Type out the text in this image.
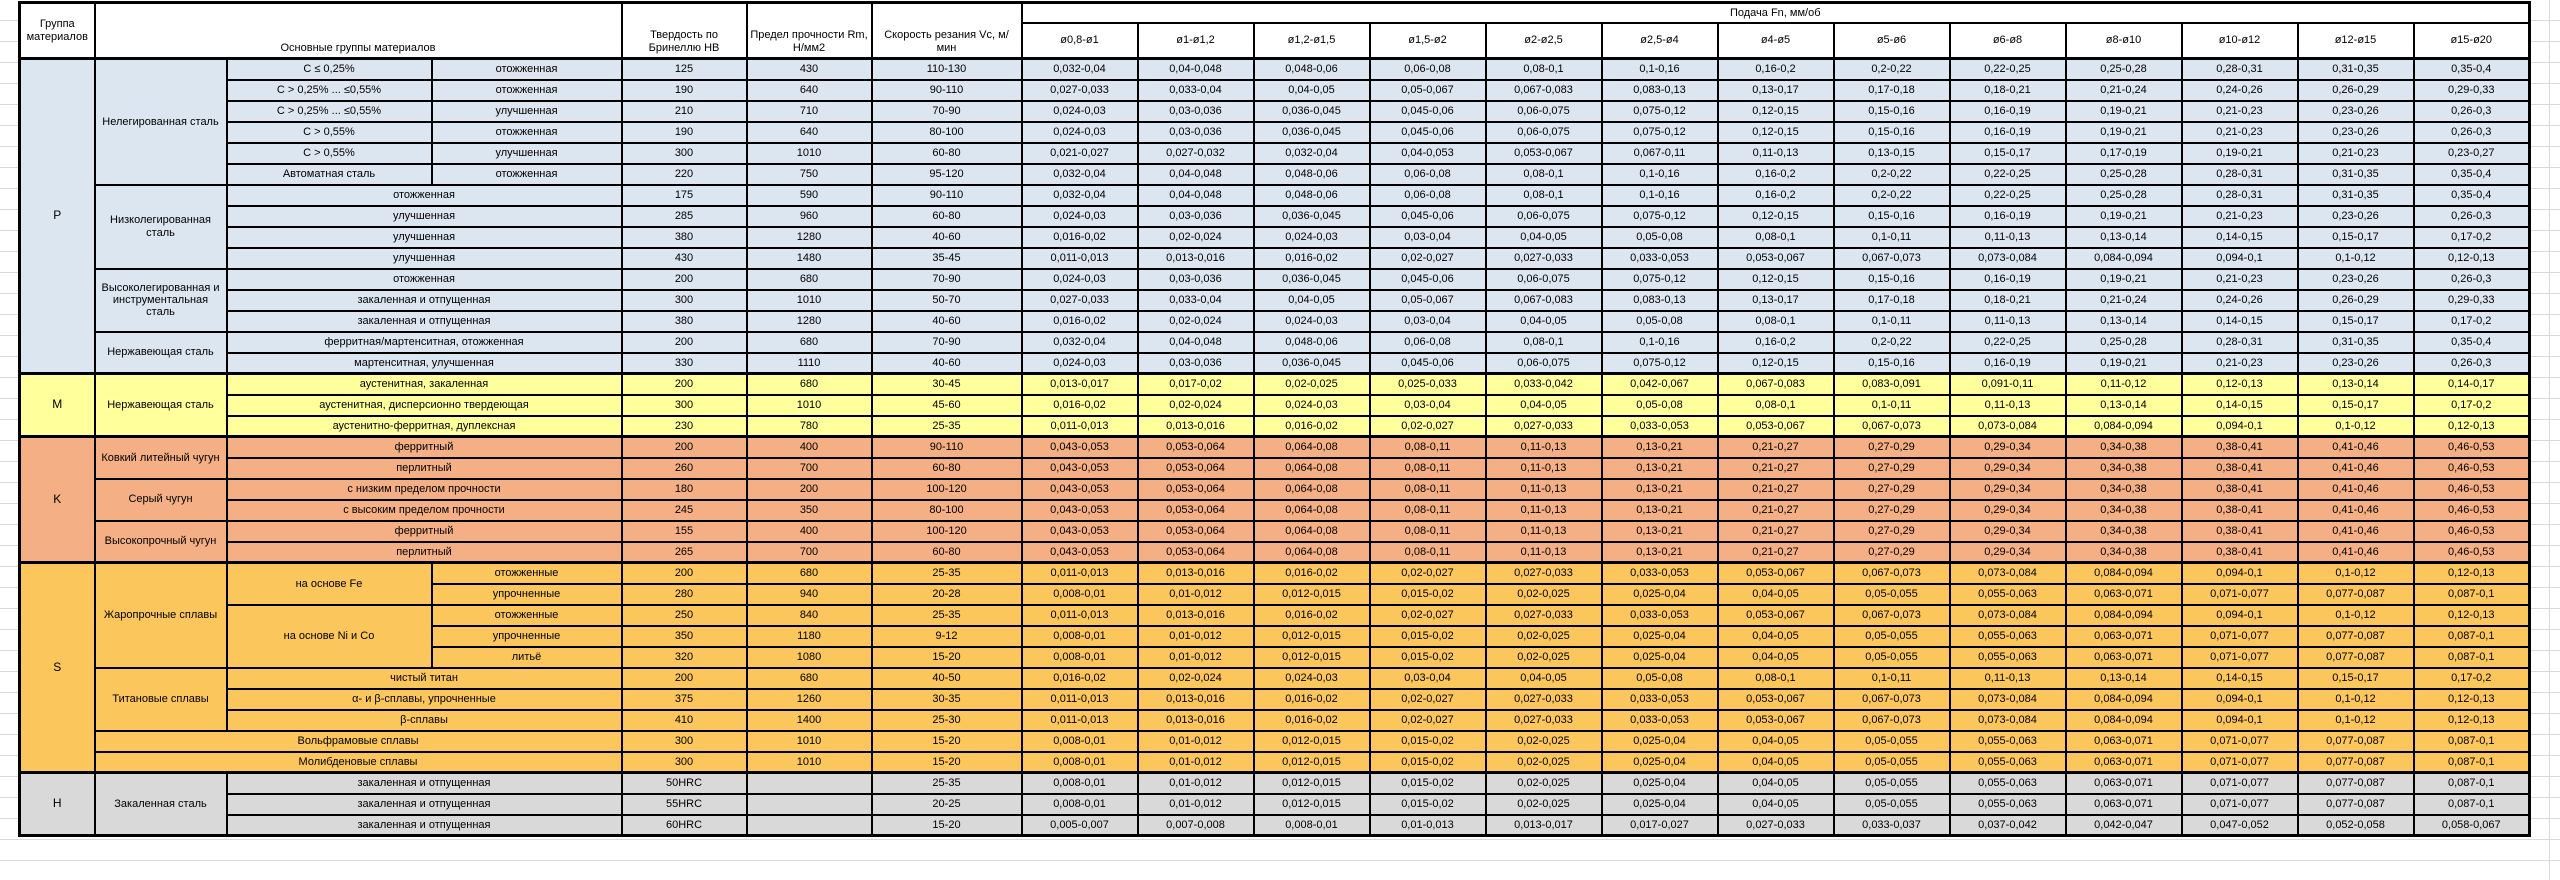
Группа материалов	Основные группы материалов			Твердость по Бринеллю HB	Предел прочности Rm, Н/мм2	Скорость резания Vc, м/мин	Подача Fn, мм/об												
							ø0,8-ø1	ø1-ø1,2	ø1,2-ø1,5	ø1,5-ø2	ø2-ø2,5	ø2,5-ø4	ø4-ø5	ø5-ø6	ø6-ø8	ø8-ø10	ø10-ø12	ø12-ø15	ø15-ø20
P	Нелегированная сталь	C ≤ 0,25%	отожженная	125	430	110-130	0,032-0,04	0,04-0,048	0,048-0,06	0,06-0,08	0,08-0,1	0,1-0,16	0,16-0,2	0,2-0,22	0,22-0,25	0,25-0,28	0,28-0,31	0,31-0,35	0,35-0,4
		C > 0,25% ... ≤0,55%	отожженная	190	640	90-110	0,027-0,033	0,033-0,04	0,04-0,05	0,05-0,067	0,067-0,083	0,083-0,13	0,13-0,17	0,17-0,18	0,18-0,21	0,21-0,24	0,24-0,26	0,26-0,29	0,29-0,33
		C > 0,25% ... ≤0,55%	улучшенная	210	710	70-90	0,024-0,03	0,03-0,036	0,036-0,045	0,045-0,06	0,06-0,075	0,075-0,12	0,12-0,15	0,15-0,16	0,16-0,19	0,19-0,21	0,21-0,23	0,23-0,26	0,26-0,3
		C > 0,55%	отожженная	190	640	80-100	0,024-0,03	0,03-0,036	0,036-0,045	0,045-0,06	0,06-0,075	0,075-0,12	0,12-0,15	0,15-0,16	0,16-0,19	0,19-0,21	0,21-0,23	0,23-0,26	0,26-0,3
		C > 0,55%	улучшенная	300	1010	60-80	0,021-0,027	0,027-0,032	0,032-0,04	0,04-0,053	0,053-0,067	0,067-0,11	0,11-0,13	0,13-0,15	0,15-0,17	0,17-0,19	0,19-0,21	0,21-0,23	0,23-0,27
		Автоматная сталь	отожженная	220	750	95-120	0,032-0,04	0,04-0,048	0,048-0,06	0,06-0,08	0,08-0,1	0,1-0,16	0,16-0,2	0,2-0,22	0,22-0,25	0,25-0,28	0,28-0,31	0,31-0,35	0,35-0,4
	Низколегированная сталь	отожженная		175	590	90-110	0,032-0,04	0,04-0,048	0,048-0,06	0,06-0,08	0,08-0,1	0,1-0,16	0,16-0,2	0,2-0,22	0,22-0,25	0,25-0,28	0,28-0,31	0,31-0,35	0,35-0,4
		улучшенная		285	960	60-80	0,024-0,03	0,03-0,036	0,036-0,045	0,045-0,06	0,06-0,075	0,075-0,12	0,12-0,15	0,15-0,16	0,16-0,19	0,19-0,21	0,21-0,23	0,23-0,26	0,26-0,3
		улучшенная		380	1280	40-60	0,016-0,02	0,02-0,024	0,024-0,03	0,03-0,04	0,04-0,05	0,05-0,08	0,08-0,1	0,1-0,11	0,11-0,13	0,13-0,14	0,14-0,15	0,15-0,17	0,17-0,2
		улучшенная		430	1480	35-45	0,011-0,013	0,013-0,016	0,016-0,02	0,02-0,027	0,027-0,033	0,033-0,053	0,053-0,067	0,067-0,073	0,073-0,084	0,084-0,094	0,094-0,1	0,1-0,12	0,12-0,13
	Высоколегированная и инструментальная сталь	отожженная		200	680	70-90	0,024-0,03	0,03-0,036	0,036-0,045	0,045-0,06	0,06-0,075	0,075-0,12	0,12-0,15	0,15-0,16	0,16-0,19	0,19-0,21	0,21-0,23	0,23-0,26	0,26-0,3
		закаленная и отпущенная		300	1010	50-70	0,027-0,033	0,033-0,04	0,04-0,05	0,05-0,067	0,067-0,083	0,083-0,13	0,13-0,17	0,17-0,18	0,18-0,21	0,21-0,24	0,24-0,26	0,26-0,29	0,29-0,33
		закаленная и отпущенная		380	1280	40-60	0,016-0,02	0,02-0,024	0,024-0,03	0,03-0,04	0,04-0,05	0,05-0,08	0,08-0,1	0,1-0,11	0,11-0,13	0,13-0,14	0,14-0,15	0,15-0,17	0,17-0,2
	Нержавеющая сталь	ферритная/мартенситная, отожженная		200	680	70-90	0,032-0,04	0,04-0,048	0,048-0,06	0,06-0,08	0,08-0,1	0,1-0,16	0,16-0,2	0,2-0,22	0,22-0,25	0,25-0,28	0,28-0,31	0,31-0,35	0,35-0,4
		мартенситная, улучшенная		330	1110	40-60	0,024-0,03	0,03-0,036	0,036-0,045	0,045-0,06	0,06-0,075	0,075-0,12	0,12-0,15	0,15-0,16	0,16-0,19	0,19-0,21	0,21-0,23	0,23-0,26	0,26-0,3
M	Нержавеющая сталь	аустенитная, закаленная		200	680	30-45	0,013-0,017	0,017-0,02	0,02-0,025	0,025-0,033	0,033-0,042	0,042-0,067	0,067-0,083	0,083-0,091	0,091-0,11	0,11-0,12	0,12-0,13	0,13-0,14	0,14-0,17
		аустенитная, дисперсионно твердеющая		300	1010	45-60	0,016-0,02	0,02-0,024	0,024-0,03	0,03-0,04	0,04-0,05	0,05-0,08	0,08-0,1	0,1-0,11	0,11-0,13	0,13-0,14	0,14-0,15	0,15-0,17	0,17-0,2
		аустенитно-ферритная, дуплексная		230	780	25-35	0,011-0,013	0,013-0,016	0,016-0,02	0,02-0,027	0,027-0,033	0,033-0,053	0,053-0,067	0,067-0,073	0,073-0,084	0,084-0,094	0,094-0,1	0,1-0,12	0,12-0,13
K	Ковкий литейный чугун	ферритный		200	400	90-110	0,043-0,053	0,053-0,064	0,064-0,08	0,08-0,11	0,11-0,13	0,13-0,21	0,21-0,27	0,27-0,29	0,29-0,34	0,34-0,38	0,38-0,41	0,41-0,46	0,46-0,53
		перлитный		260	700	60-80	0,043-0,053	0,053-0,064	0,064-0,08	0,08-0,11	0,11-0,13	0,13-0,21	0,21-0,27	0,27-0,29	0,29-0,34	0,34-0,38	0,38-0,41	0,41-0,46	0,46-0,53
	Серый чугун	с низким пределом прочности		180	200	100-120	0,043-0,053	0,053-0,064	0,064-0,08	0,08-0,11	0,11-0,13	0,13-0,21	0,21-0,27	0,27-0,29	0,29-0,34	0,34-0,38	0,38-0,41	0,41-0,46	0,46-0,53
		с высоким пределом прочности		245	350	80-100	0,043-0,053	0,053-0,064	0,064-0,08	0,08-0,11	0,11-0,13	0,13-0,21	0,21-0,27	0,27-0,29	0,29-0,34	0,34-0,38	0,38-0,41	0,41-0,46	0,46-0,53
	Высокопрочный чугун	ферритный		155	400	100-120	0,043-0,053	0,053-0,064	0,064-0,08	0,08-0,11	0,11-0,13	0,13-0,21	0,21-0,27	0,27-0,29	0,29-0,34	0,34-0,38	0,38-0,41	0,41-0,46	0,46-0,53
		перлитный		265	700	60-80	0,043-0,053	0,053-0,064	0,064-0,08	0,08-0,11	0,11-0,13	0,13-0,21	0,21-0,27	0,27-0,29	0,29-0,34	0,34-0,38	0,38-0,41	0,41-0,46	0,46-0,53
S	Жаропрочные сплавы	на основе Fe	отожженные	200	680	25-35	0,011-0,013	0,013-0,016	0,016-0,02	0,02-0,027	0,027-0,033	0,033-0,053	0,053-0,067	0,067-0,073	0,073-0,084	0,084-0,094	0,094-0,1	0,1-0,12	0,12-0,13
			упрочненные	280	940	20-28	0,008-0,01	0,01-0,012	0,012-0,015	0,015-0,02	0,02-0,025	0,025-0,04	0,04-0,05	0,05-0,055	0,055-0,063	0,063-0,071	0,071-0,077	0,077-0,087	0,087-0,1
		на основе Ni и Co	отожженные	250	840	25-35	0,011-0,013	0,013-0,016	0,016-0,02	0,02-0,027	0,027-0,033	0,033-0,053	0,053-0,067	0,067-0,073	0,073-0,084	0,084-0,094	0,094-0,1	0,1-0,12	0,12-0,13
			упрочненные	350	1180	9-12	0,008-0,01	0,01-0,012	0,012-0,015	0,015-0,02	0,02-0,025	0,025-0,04	0,04-0,05	0,05-0,055	0,055-0,063	0,063-0,071	0,071-0,077	0,077-0,087	0,087-0,1
			литьё	320	1080	15-20	0,008-0,01	0,01-0,012	0,012-0,015	0,015-0,02	0,02-0,025	0,025-0,04	0,04-0,05	0,05-0,055	0,055-0,063	0,063-0,071	0,071-0,077	0,077-0,087	0,087-0,1
	Титановые сплавы	чистый титан		200	680	40-50	0,016-0,02	0,02-0,024	0,024-0,03	0,03-0,04	0,04-0,05	0,05-0,08	0,08-0,1	0,1-0,11	0,11-0,13	0,13-0,14	0,14-0,15	0,15-0,17	0,17-0,2
		α- и β-сплавы, упрочненные		375	1260	30-35	0,011-0,013	0,013-0,016	0,016-0,02	0,02-0,027	0,027-0,033	0,033-0,053	0,053-0,067	0,067-0,073	0,073-0,084	0,084-0,094	0,094-0,1	0,1-0,12	0,12-0,13
		β-сплавы		410	1400	25-30	0,011-0,013	0,013-0,016	0,016-0,02	0,02-0,027	0,027-0,033	0,033-0,053	0,053-0,067	0,067-0,073	0,073-0,084	0,084-0,094	0,094-0,1	0,1-0,12	0,12-0,13
	Вольфрамовые сплавы			300	1010	15-20	0,008-0,01	0,01-0,012	0,012-0,015	0,015-0,02	0,02-0,025	0,025-0,04	0,04-0,05	0,05-0,055	0,055-0,063	0,063-0,071	0,071-0,077	0,077-0,087	0,087-0,1
	Молибденовые сплавы			300	1010	15-20	0,008-0,01	0,01-0,012	0,012-0,015	0,015-0,02	0,02-0,025	0,025-0,04	0,04-0,05	0,05-0,055	0,055-0,063	0,063-0,071	0,071-0,077	0,077-0,087	0,087-0,1
H	Закаленная сталь	закаленная и отпущенная		50HRC		25-35	0,008-0,01	0,01-0,012	0,012-0,015	0,015-0,02	0,02-0,025	0,025-0,04	0,04-0,05	0,05-0,055	0,055-0,063	0,063-0,071	0,071-0,077	0,077-0,087	0,087-0,1
		закаленная и отпущенная		55HRC		20-25	0,008-0,01	0,01-0,012	0,012-0,015	0,015-0,02	0,02-0,025	0,025-0,04	0,04-0,05	0,05-0,055	0,055-0,063	0,063-0,071	0,071-0,077	0,077-0,087	0,087-0,1
		закаленная и отпущенная		60HRC		15-20	0,005-0,007	0,007-0,008	0,008-0,01	0,01-0,013	0,013-0,017	0,017-0,027	0,027-0,033	0,033-0,037	0,037-0,042	0,042-0,047	0,047-0,052	0,052-0,058	0,058-0,067
